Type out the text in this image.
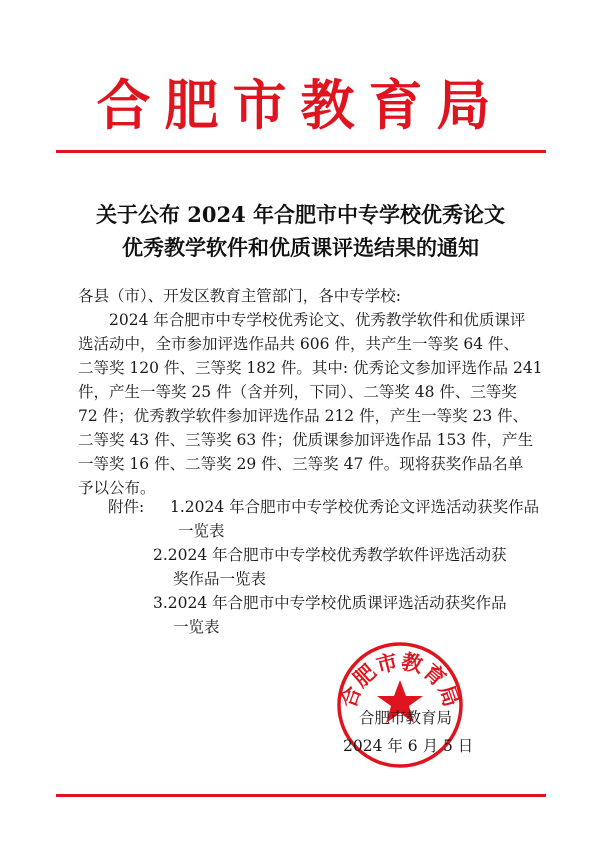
合肥市教育局
关于公布 2024 年合肥市中专学校优秀论文
优秀教学软件和优质课评选结果的通知
各县（市）、开发区教育主管部门，各中专学校:
2024 年合肥市中专学校优秀论文、优秀教学软件和优质课评
选活动中，全市参加评选作品共 606 件，共产生一等奖 64 件、
二等奖 120 件、三等奖 182 件。其中: 优秀论文参加评选作品 241
件，产生一等奖 25 件（含并列，下同）、二等奖 48 件、三等奖
72 件；优秀教学软件参加评选作品 212 件，产生一等奖 23 件、
二等奖 43 件、三等奖 63 件；优质课参加评选作品 153 件，产生
一等奖 16 件、二等奖 29 件、三等奖 47 件。现将获奖作品名单
予以公布。
附件: 1.2024 年合肥市中专学校优秀论文评选活动获奖作品
一览表
2.2024 年合肥市中专学校优秀教学软件评选活动获
奖作品一览表
3.2024 年合肥市中专学校优质课评选活动获奖作品
一览表
合肥市教育局
合肥市教育局
2024 年 6 月 5 日
